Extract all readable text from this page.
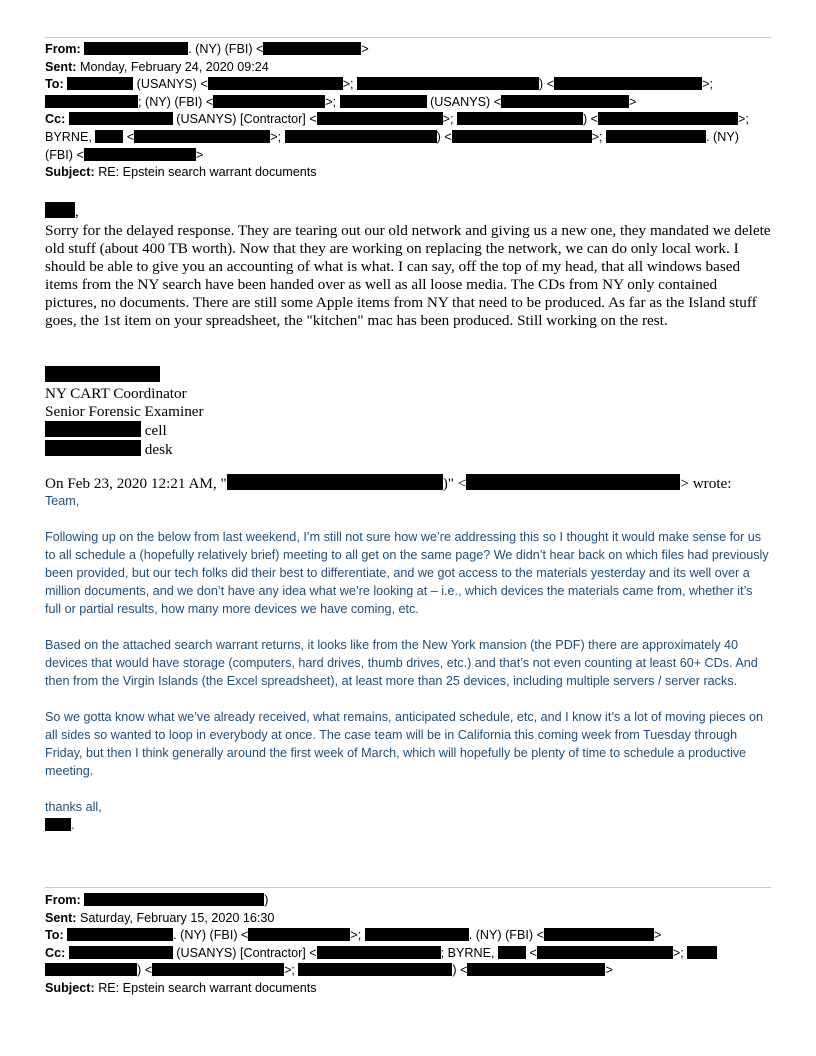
From:	. (NY) (FBI) <	>
Sent: Monday, February 24, 2020 09:24
To:	(USANYS) <	>;	) <	>;
; (NY) (FBI) <	>;	(USANYS) <	>
Cc:	(USANYS) [Contractor] <	>;	) <	>;
BYRNE,	<	>;	) <	>;	. (NY)
(FBI) <	>
Subject: RE: Epstein search warrant documents
,

Sorry for the delayed response. They are tearing out our old network and giving us a new one, they mandated we delete old stuff (about 400 TB worth). Now that they are working on replacing the network, we can do only local work. I should be able to give you an accounting of what is what. I can say, off the top of my head, that all windows based items from the NY search have been handed over as well as all loose media. The CDs from NY only contained pictures, no documents. There are still some Apple items from NY that need to be produced. As far as the Island stuff goes, the 1st item on your spreadsheet, the "kitchen" mac has been produced. Still working on the rest.

NY CART Coordinator
Senior Forensic Examiner
cell
desk
On Feb 23, 2020 12:21 AM, "	)" <	> wrote:

Team,

Following up on the below from last weekend, I’m still not sure how we’re addressing this so I thought it would make sense for us to all schedule a (hopefully relatively brief) meeting to all get on the same page? We didn’t hear back on which files had previously been provided, but our tech folks did their best to differentiate, and we got access to the materials yesterday and its well over a million documents, and we don’t have any idea what we’re looking at – i.e., which devices the materials came from, whether it’s full or partial results, how many more devices we have coming, etc.

Based on the attached search warrant returns, it looks like from the New York mansion (the PDF) there are approximately 40 devices that would have storage (computers, hard drives, thumb drives, etc.) and that’s not even counting at least 60+ CDs. And then from the Virgin Islands (the Excel spreadsheet), at least more than 25 devices, including multiple servers / server racks.

So we gotta know what we’ve already received, what remains, anticipated schedule, etc, and I know it’s a lot of moving pieces on all sides so wanted to loop in everybody at once. The case team will be in California this coming week from Tuesday through Friday, but then I think generally around the first week of March, which will hopefully be plenty of time to schedule a productive meeting.

thanks all,

.

From:	)
Sent: Saturday, February 15, 2020 16:30
To:	. (NY) (FBI) <	>;	. (NY) (FBI) <	>
Cc:	(USANYS) [Contractor] <	; BYRNE,	<	>;
) <	>;	) <	>
Subject: RE: Epstein search warrant documents
